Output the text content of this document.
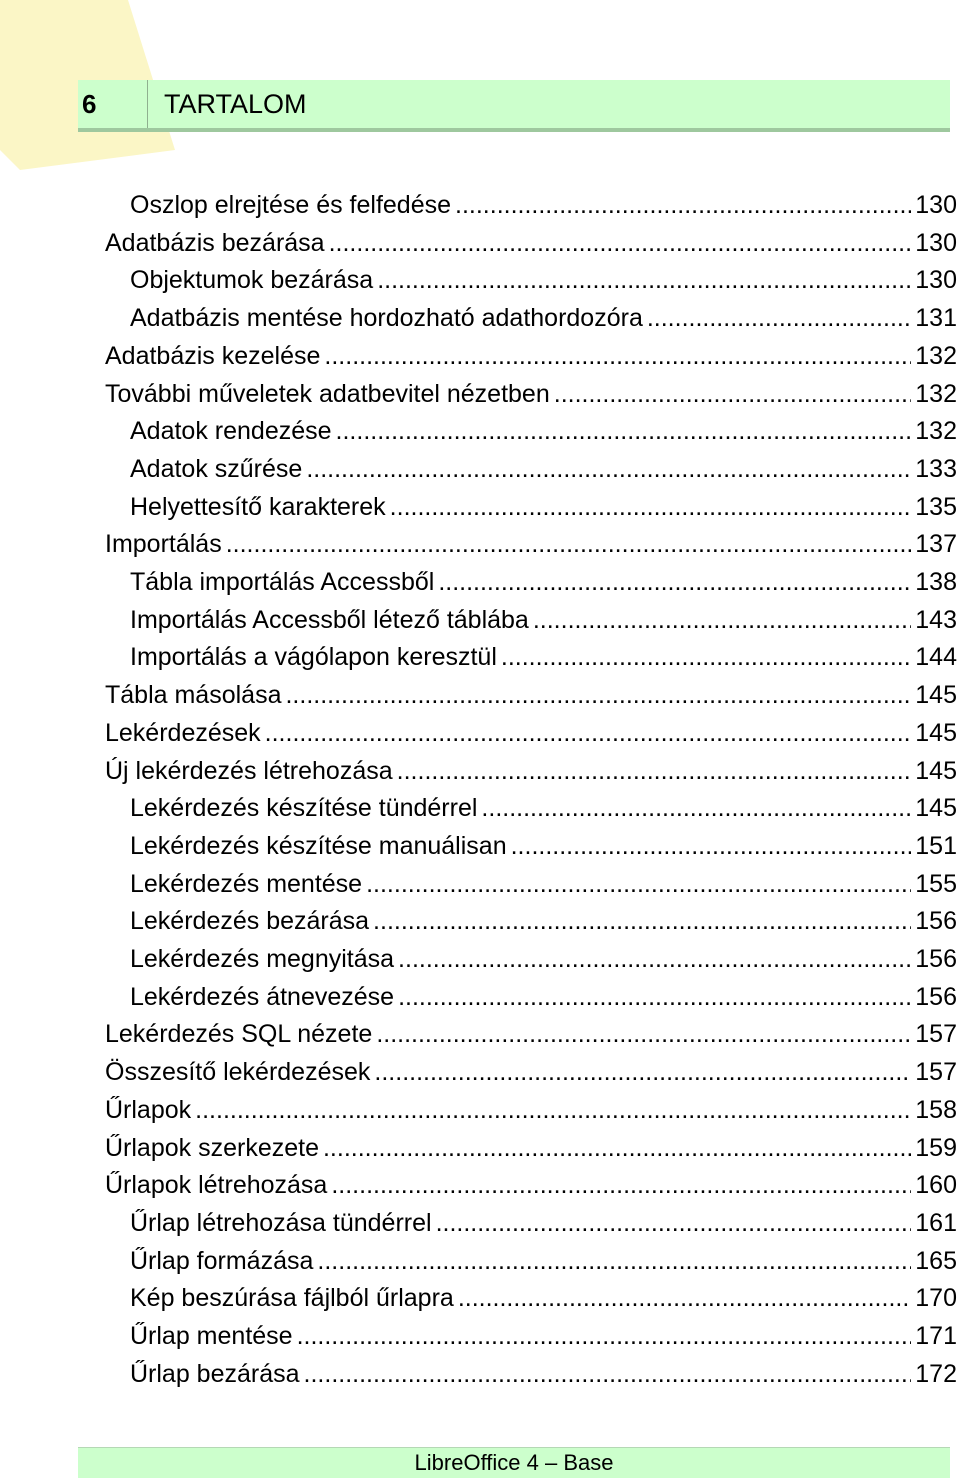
6	TARTALOM
Oszlop elrejtése és felfedése .....	130
Adatbázis bezárása .....	130
Objektumok bezárása .....	130
Adatbázis mentése hordozható adathordozóra .....	131
Adatbázis kezelése .....	132
További műveletek adatbevitel nézetben .....	132
Adatok rendezése .....	132
Adatok szűrése .....	133
Helyettesítő karakterek .....	135
Importálás .....	137
Tábla importálás Accessből .....	138
Importálás Accessből létező táblába .....	143
Importálás a vágólapon keresztül .....	144
Tábla másolása .....	145
Lekérdezések .....	145
Új lekérdezés létrehozása .....	145
Lekérdezés készítése tündérrel .....	145
Lekérdezés készítése manuálisan .....	151
Lekérdezés mentése .....	155
Lekérdezés bezárása .....	156
Lekérdezés megnyitása .....	156
Lekérdezés átnevezése .....	156
Lekérdezés SQL nézete .....	157
Összesítő lekérdezések .....	157
Űrlapok .....	158
Űrlapok szerkezete .....	159
Űrlapok létrehozása .....	160
Űrlap létrehozása tündérrel .....	161
Űrlap formázása .....	165
Kép beszúrása fájlból űrlapra .....	170
Űrlap mentése .....	171
Űrlap bezárása .....	172
LibreOffice 4 – Base
